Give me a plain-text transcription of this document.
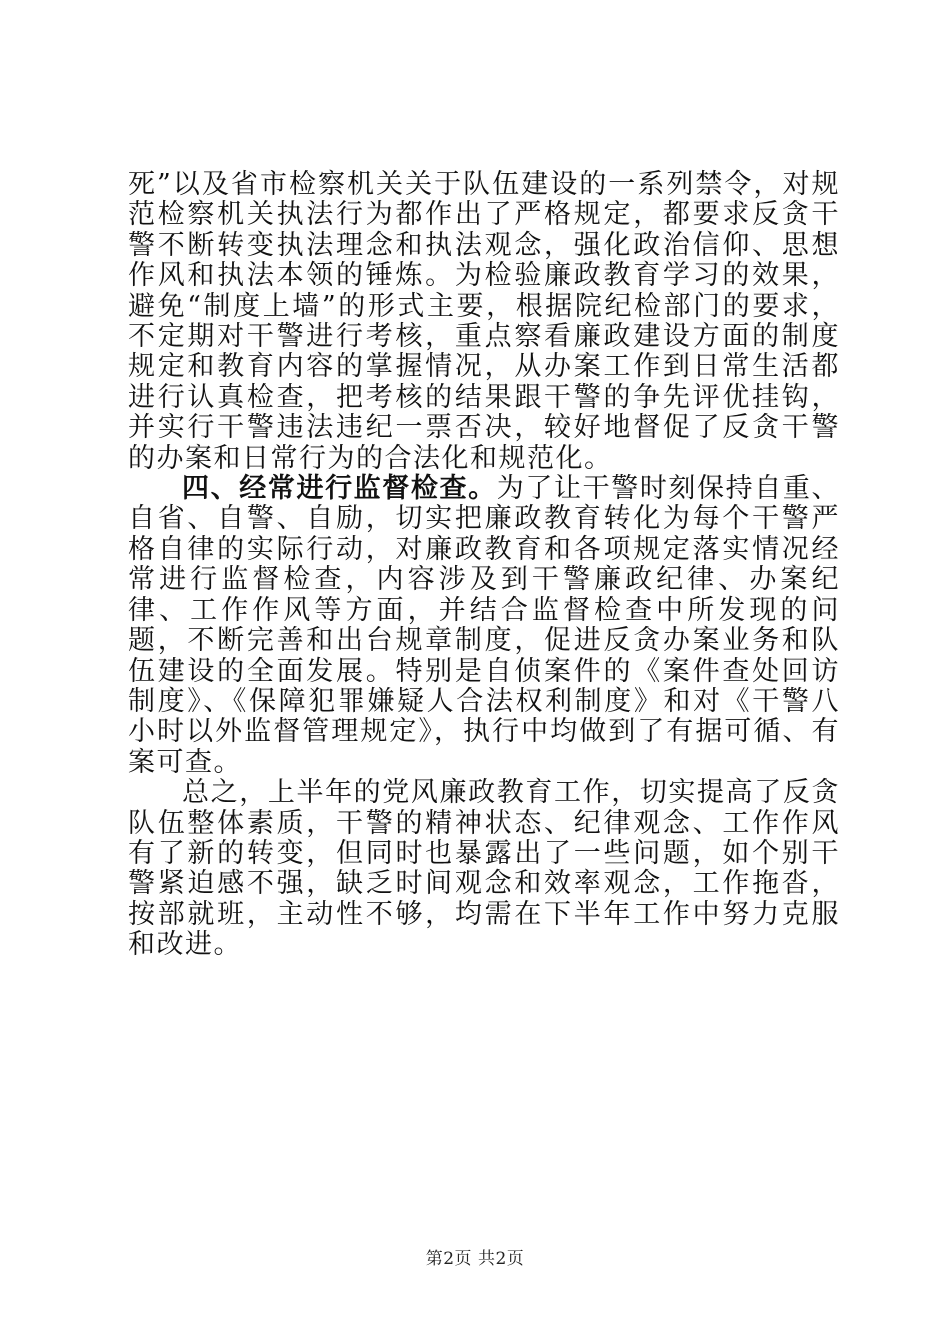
死”以及省市检察机关关于队伍建设的一系列禁令，对规范检察机关执法行为都作出了严格规定，都要求反贪干警不断转变执法理念和执法观念，强化政治信仰、思想作风和执法本领的锤炼。为检验廉政教育学习的效果，避免“制度上墙”的形式主要，根据院纪检部门的要求，不定期对干警进行考核，重点察看廉政建设方面的制度规定和教育内容的掌握情况，从办案工作到日常生活都进行认真检查，把考核的结果跟干警的争先评优挂钩，并实行干警违法违纪一票否决，较好地督促了反贪干警的办案和日常行为的合法化和规范化。

四、经常进行监督检查。为了让干警时刻保持自重、自省、自警、自励，切实把廉政教育转化为每个干警严格自律的实际行动，对廉政教育和各项规定落实情况经常进行监督检查，内容涉及到干警廉政纪律、办案纪律、工作作风等方面，并结合监督检查中所发现的问题，不断完善和出台规章制度，促进反贪办案业务和队伍建设的全面发展。特别是自侦案件的《案件查处回访制度》、《保障犯罪嫌疑人合法权利制度》和对《干警八小时以外监督管理规定》，执行中均做到了有据可循、有案可查。

总之，上半年的党风廉政教育工作，切实提高了反贪队伍整体素质，干警的精神状态、纪律观念、工作作风有了新的转变，但同时也暴露出了一些问题，如个别干警紧迫感不强，缺乏时间观念和效率观念，工作拖沓，按部就班，主动性不够，均需在下半年工作中努力克服和改进。

第2页 共2页
